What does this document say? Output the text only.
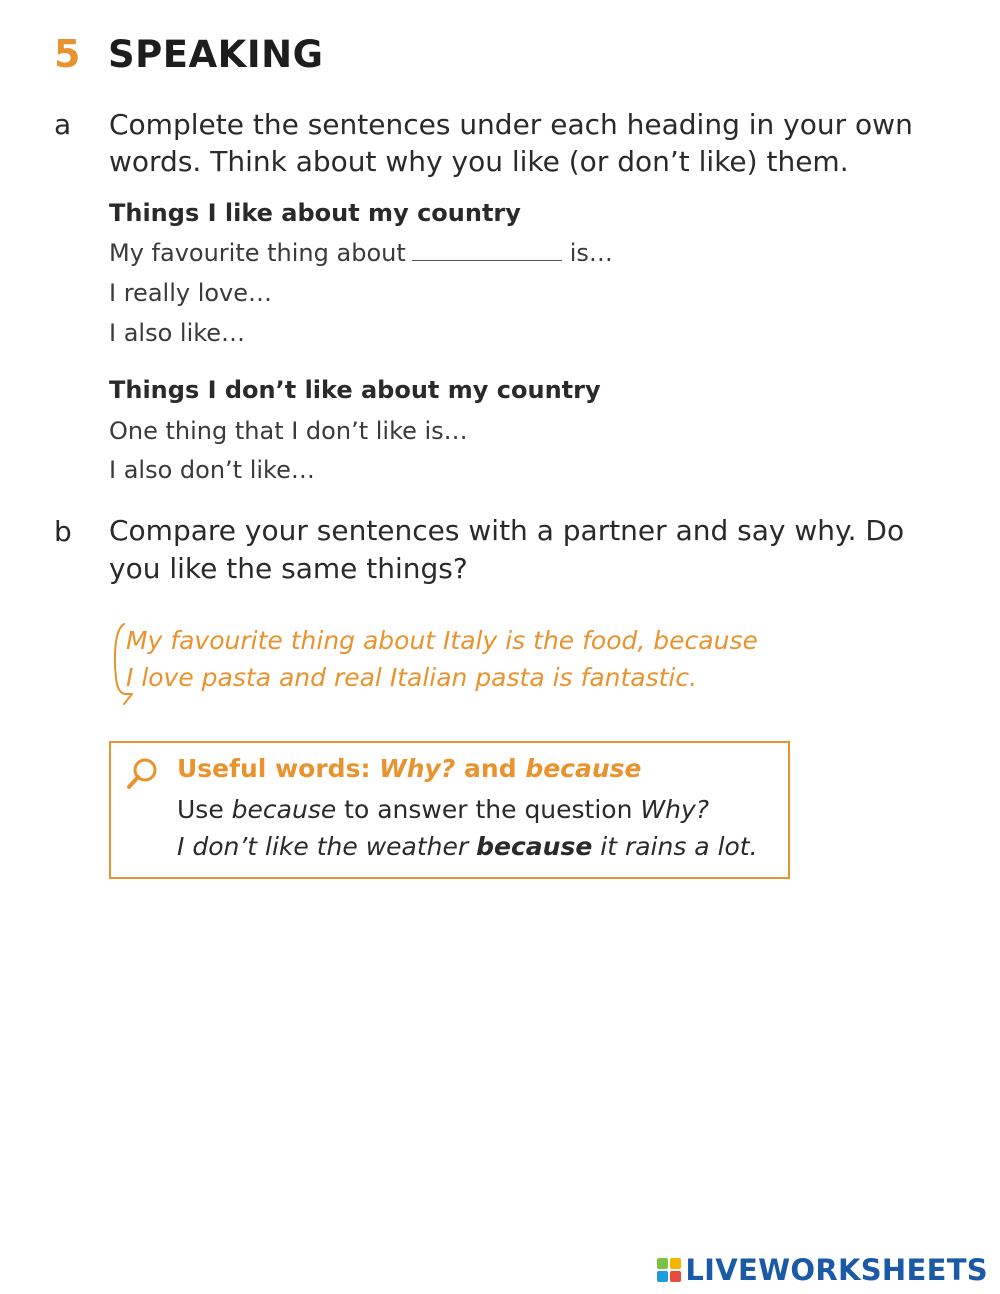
5 SPEAKING
a Complete the sentences under each heading in your own
words. Think about why you like (or don’t like) them.
Things I like about my country
My favourite thing about	is…
I really love…
I also like…
Things I don’t like about my country
One thing that I don’t like is…
I also don’t like…
b Compare your sentences with a partner and say why. Do
you like the same things?
My favourite thing about Italy is the food, because
I love pasta and real Italian pasta is fantastic.
Useful words: Why? and because
Use because to answer the question Why?
I don’t like the weather because it rains a lot.
LIVEWORKSHEETS
